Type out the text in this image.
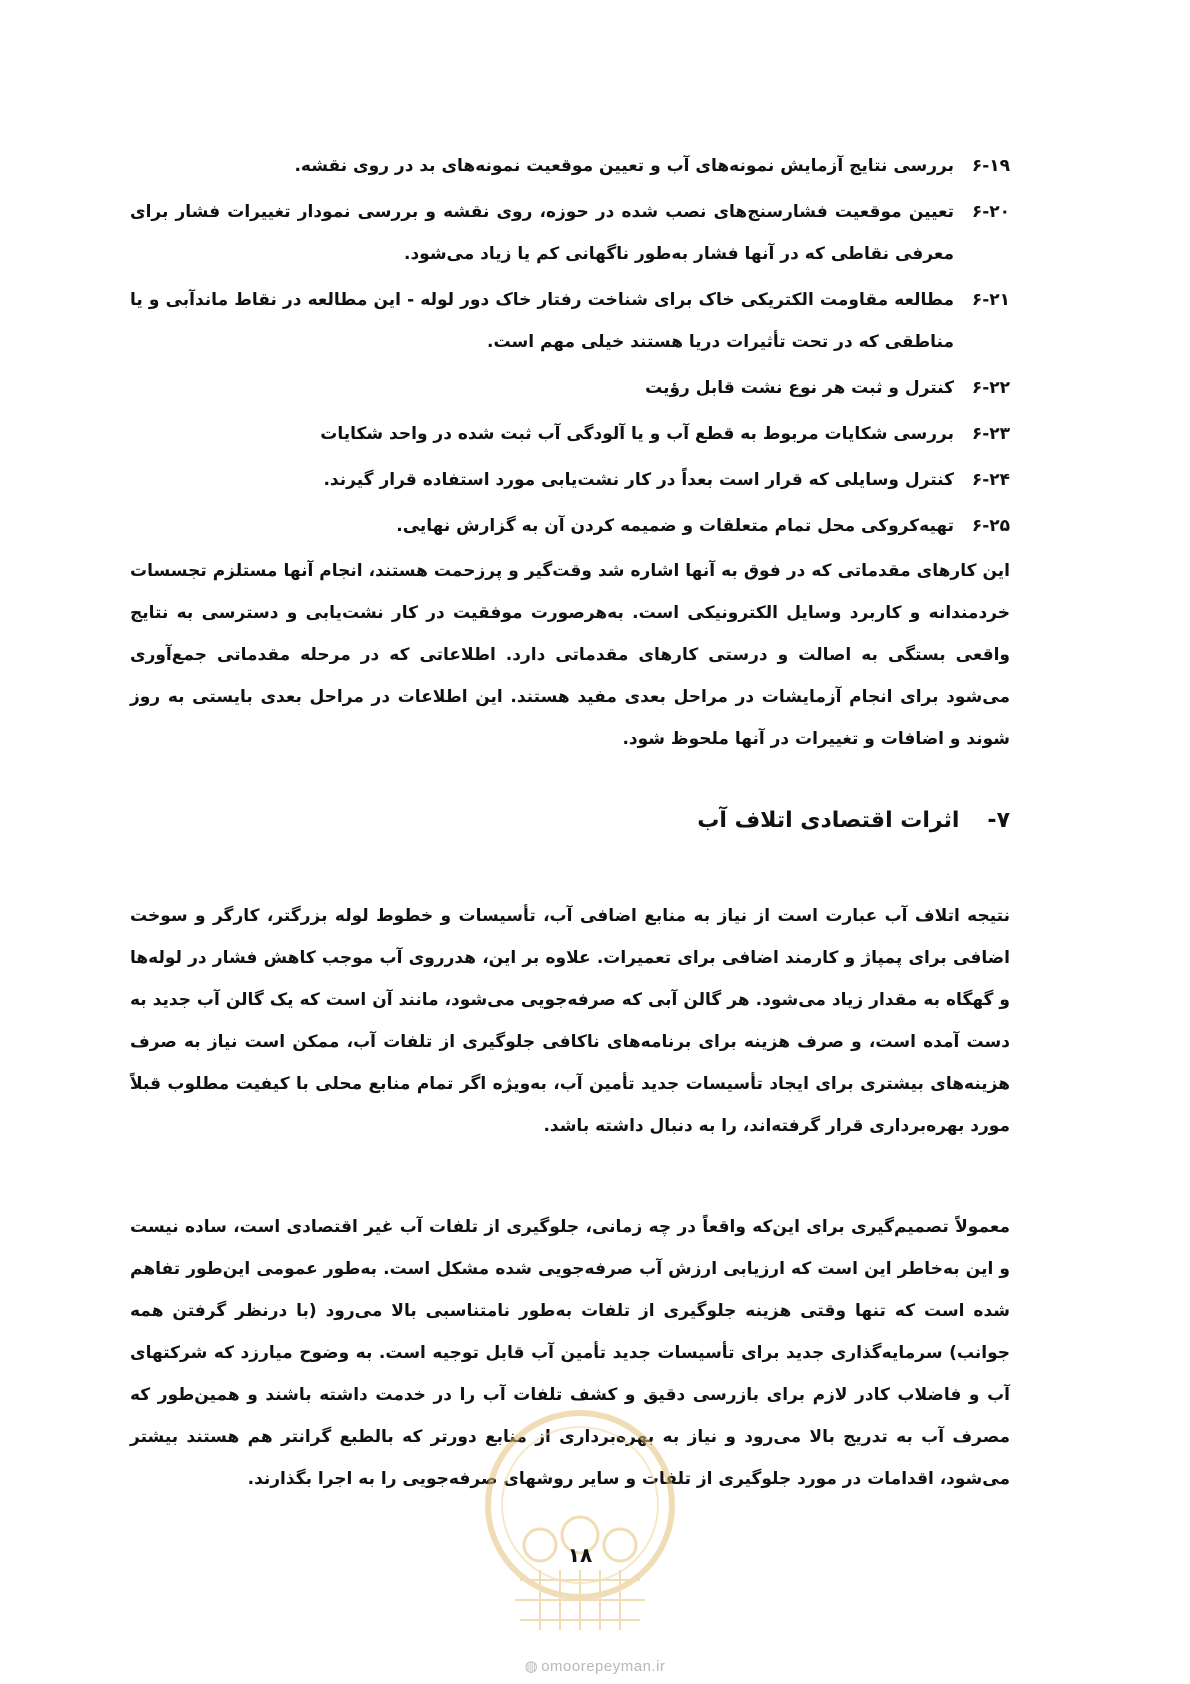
۶-۱۹
بررسی نتایج آزمایش نمونه‌های آب و تعیین موقعیت نمونه‌های بد در روی نقشه.
۶-۲۰
تعیین موقعیت فشارسنج‌های نصب شده در حوزه، روی نقشه و بررسی نمودار تغییرات فشار برای معرفی نقاطی که در آنها فشار به‌طور ناگهانی کم یا زیاد می‌شود.
۶-۲۱
مطالعه مقاومت الکتریکی خاک برای شناخت رفتار خاک دور لوله - این مطالعه در نقاط ماندآبی و یا مناطقی که در تحت تأثیرات دریا هستند خیلی مهم است.
۶-۲۲
کنترل و ثبت هر نوع نشت قابل رؤیت
۶-۲۳
بررسی شکایات مربوط به قطع آب و یا آلودگی آب ثبت شده در واحد شکایات
۶-۲۴
کنترل وسایلی که قرار است بعداً در کار نشت‌یابی مورد استفاده قرار گیرند.
۶-۲۵
تهیه‌کروکی محل تمام متعلقات و ضمیمه کردن آن به گزارش نهایی.
این کارهای مقدماتی که در فوق به آنها اشاره شد وقت‌گیر و پرزحمت هستند، انجام آنها مستلزم تجسسات خردمندانه و کاربرد وسایل الکترونیکی است. به‌هرصورت موفقیت در کار نشت‌یابی و دسترسی به نتایج واقعی بستگی به اصالت و درستی کارهای مقدماتی دارد. اطلاعاتی که در مرحله مقدماتی جمع‌آوری می‌شود برای انجام آزمایشات در مراحل بعدی مفید هستند. این اطلاعات در مراحل بعدی بایستی به روز شوند و اضافات و تغییرات در آنها ملحوظ شود.
۷-اثرات اقتصادی اتلاف آب
نتیجه اتلاف آب عبارت است از نیاز به منابع اضافی آب، تأسیسات و خطوط لوله بزرگتر، کارگر و سوخت اضافی برای پمپاژ و کارمند اضافی برای تعمیرات. علاوه بر این، هدرروی آب موجب کاهش فشار در لوله‌ها و گهگاه به مقدار زیاد می‌شود. هر گالن آبی که صرفه‌جویی می‌شود، مانند آن است که یک گالن آب جدید به دست آمده است، و صرف هزینه برای برنامه‌های ناکافی جلوگیری از تلفات آب، ممکن است نیاز به صرف هزینه‌های بیشتری برای ایجاد تأسیسات جدید تأمین آب، به‌ویژه اگر تمام منابع محلی با کیفیت مطلوب قبلاً مورد بهره‌برداری قرار گرفته‌اند، را به دنبال داشته باشد.
معمولاً تصمیم‌گیری برای این‌که واقعاً در چه زمانی، جلوگیری از تلفات آب غیر اقتصادی است، ساده نیست و این به‌خاطر این است که ارزیابی ارزش آب صرفه‌جویی شده مشکل است. به‌طور عمومی این‌طور تفاهم شده است که تنها وقتی هزینه جلوگیری از تلفات به‌طور نامتناسبی بالا می‌رود (با درنظر گرفتن همه جوانب) سرمایه‌گذاری جدید برای تأسیسات جدید تأمین آب قابل توجیه است. به وضوح میارزد که شرکتهای آب و فاضلاب کادر لازم برای بازرسی دقیق و کشف تلفات آب را در خدمت داشته باشند و همین‌طور که مصرف آب به تدریج بالا می‌رود و نیاز به بهره‌برداری از منابع دورتر که بالطبع گرانتر هم هستند بیشتر می‌شود، اقدامات در مورد جلوگیری از تلفات و سایر روشهای صرفه‌جویی را به اجرا بگذارند.
۱۸
◍ omoorepeyman.ir
